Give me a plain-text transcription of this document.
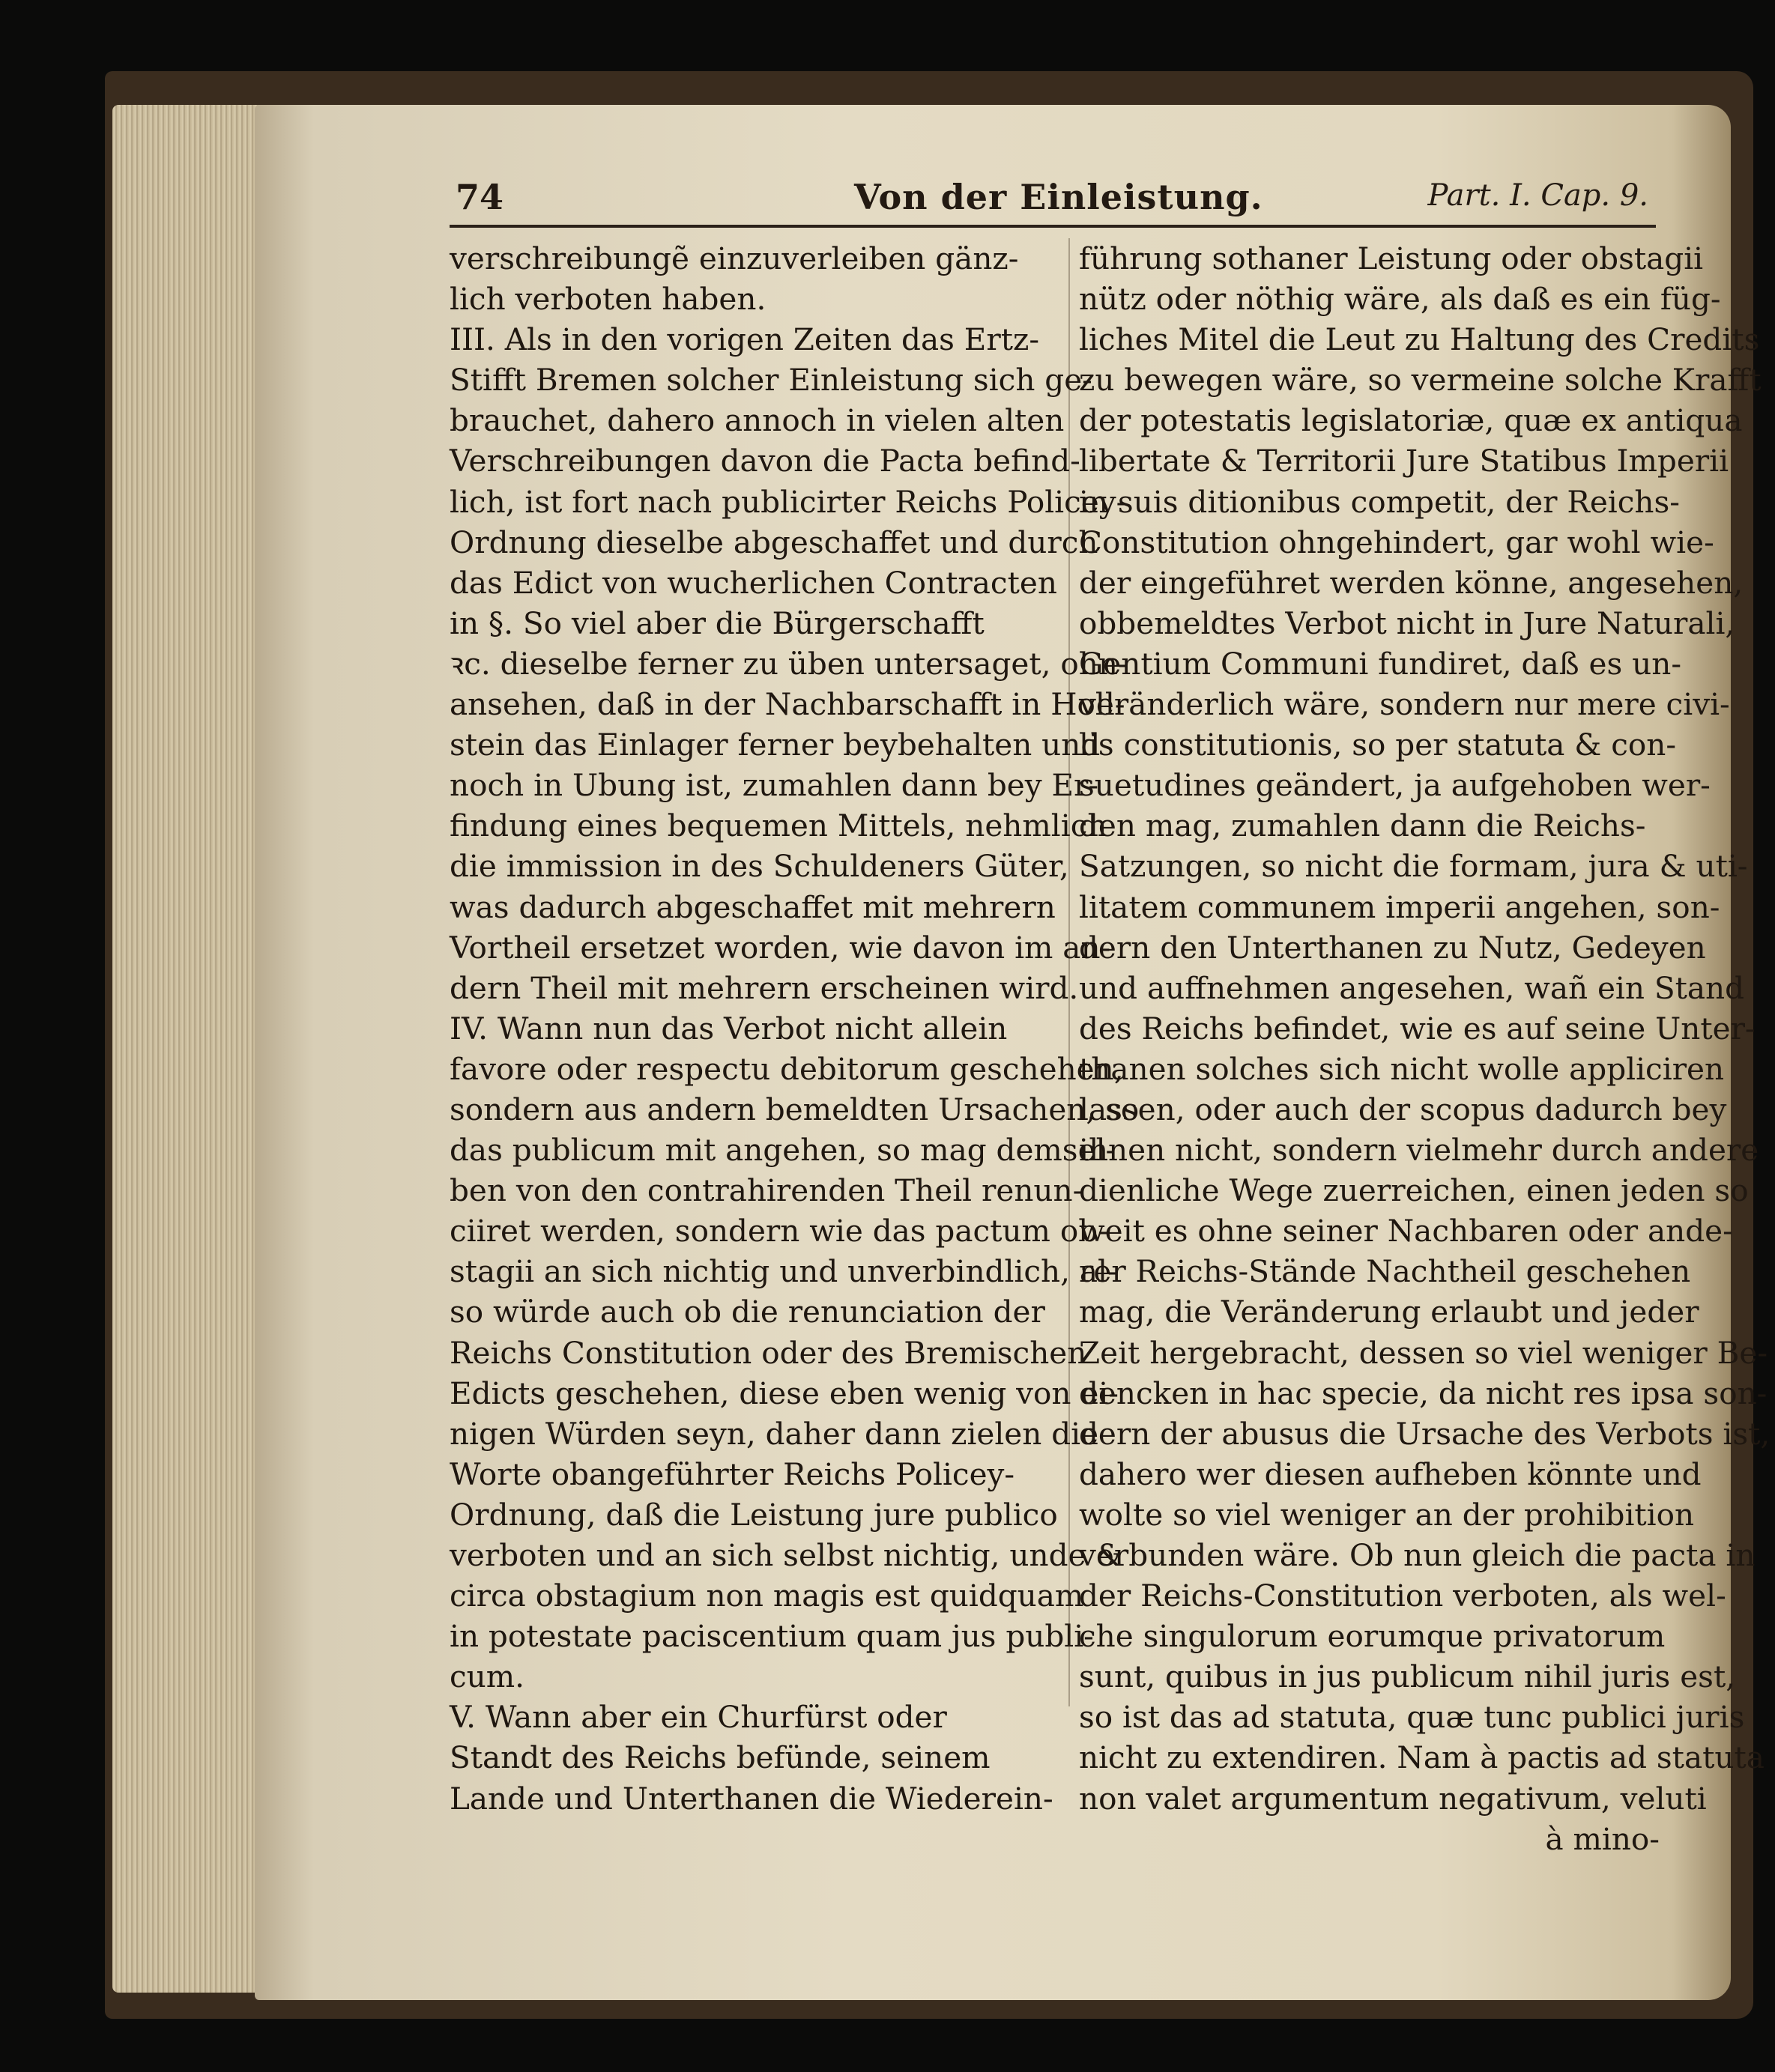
74	Von der Einleistung.	Part. I. Cap. 9.
verschreibungẽ einzuverleiben gänz-
lich verboten haben.
III. Als in den vorigen Zeiten das Ertz-
Stifft Bremen solcher Einleistung sich ge-
brauchet, dahero annoch in vielen alten
Verschreibungen davon die Pacta befind-
lich, ist fort nach publicirter Reichs Policey-
Ordnung dieselbe abgeschaffet und durch
das Edict von wucherlichen Contracten
in §. So viel aber die Bürgerschafft
ꝛc. dieselbe ferner zu üben untersaget, ohn-
ansehen, daß in der Nachbarschafft in Holl-
stein das Einlager ferner beybehalten und
noch in Ubung ist, zumahlen dann bey Er-
findung eines bequemen Mittels, nehmlich
die immission in des Schuldeners Güter,
was dadurch abgeschaffet mit mehrern
Vortheil ersetzet worden, wie davon im an-
dern Theil mit mehrern erscheinen wird.
IV. Wann nun das Verbot nicht allein
favore oder respectu debitorum geschehen,
sondern aus andern bemeldten Ursachen, so
das publicum mit angehen, so mag demsel-
ben von den contrahirenden Theil renun-
ciiret werden, sondern wie das pactum ob-
stagii an sich nichtig und unverbindlich, al-
so würde auch ob die renunciation der
Reichs Constitution oder des Bremischen
Edicts geschehen, diese eben wenig von ei-
nigen Würden seyn, daher dann zielen die
Worte obangeführter Reichs Policey-
Ordnung, daß die Leistung jure publico
verboten und an sich selbst nichtig, unde &
circa obstagium non magis est quidquam
in potestate paciscentium quam jus publi-
cum.
V. Wann aber ein Churfürst oder
Standt des Reichs befünde, seinem
Lande und Unterthanen die Wiederein-
führung sothaner Leistung oder obstagii
nütz oder nöthig wäre, als daß es ein füg-
liches Mitel die Leut zu Haltung des Credits
zu bewegen wäre, so vermeine solche Krafft
der potestatis legislatoriæ, quæ ex antiqua
libertate & Territorii Jure Statibus Imperii
in suis ditionibus competit, der Reichs-
Constitution ohngehindert, gar wohl wie-
der eingeführet werden könne, angesehen,
obbemeldtes Verbot nicht in Jure Naturali,
Gentium Communi fundiret, daß es un-
veränderlich wäre, sondern nur mere civi-
lis constitutionis, so per statuta & con-
suetudines geändert, ja aufgehoben wer-
den mag, zumahlen dann die Reichs-
Satzungen, so nicht die formam, jura & uti-
litatem communem imperii angehen, son-
dern den Unterthanen zu Nutz, Gedeyen
und auffnehmen angesehen, wañ ein Stand
des Reichs befindet, wie es auf seine Unter-
thanen solches sich nicht wolle appliciren
lassen, oder auch der scopus dadurch bey
ihnen nicht, sondern vielmehr durch andere
dienliche Wege zuerreichen, einen jeden so
weit es ohne seiner Nachbaren oder ande-
rer Reichs-Stände Nachtheil geschehen
mag, die Veränderung erlaubt und jeder
Zeit hergebracht, dessen so viel weniger Be-
dencken in hac specie, da nicht res ipsa son-
dern der abusus die Ursache des Verbots ist,
dahero wer diesen aufheben könnte und
wolte so viel weniger an der prohibition
verbunden wäre. Ob nun gleich die pacta in
der Reichs-Constitution verboten, als wel-
che singulorum eorumque privatorum
sunt, quibus in jus publicum nihil juris est,
so ist das ad statuta, quæ tunc publici juris
nicht zu extendiren. Nam à pactis ad statuta
non valet argumentum negativum, veluti
à mino-
